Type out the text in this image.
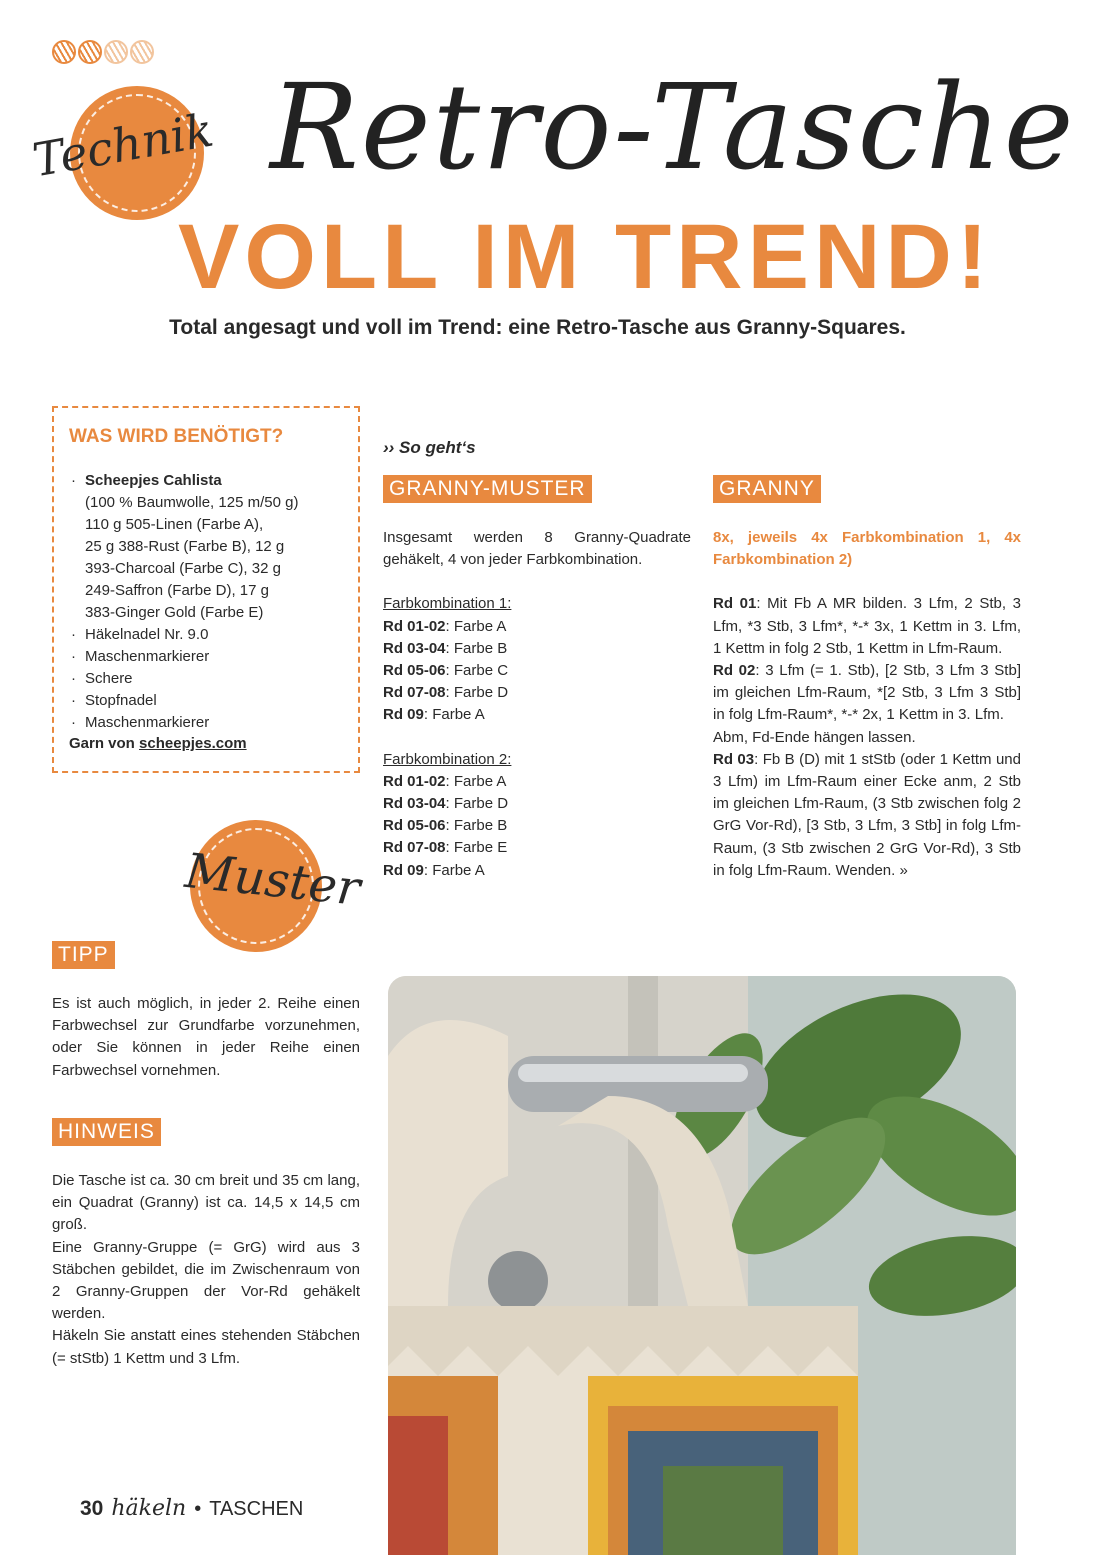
Technik Retro-Tasche
VOLL IM TREND!
Total angesagt und voll im Trend: eine Retro-Tasche aus Granny-Squares.
WAS WIRD BENÖTIGT?
· Scheepjes Cahlista
(100 % Baumwolle, 125 m/50 g)
110 g 505-Linen (Farbe A),
25 g 388-Rust (Farbe B), 12 g
393-Charcoal (Farbe C), 32 g
249-Saffron (Farbe D), 17 g
383-Ginger Gold (Farbe E)
· Häkelnadel Nr. 9.0
· Maschenmarkierer
· Schere
· Stopfnadel
· Maschenmarkierer
Garn von scheepjes.com
›› So geht‘s
GRANNY-MUSTER
Insgesamt werden 8 Granny-Quadrate gehäkelt, 4 von jeder Farbkombination.
Farbkombination 1:
Rd 01-02: Farbe A
Rd 03-04: Farbe B
Rd 05-06: Farbe C
Rd 07-08: Farbe D
Rd 09: Farbe A
Farbkombination 2:
Rd 01-02: Farbe A
Rd 03-04: Farbe D
Rd 05-06: Farbe B
Rd 07-08: Farbe E
Rd 09: Farbe A
GRANNY
8x, jeweils 4x Farbkombination 1, 4x Farbkombination 2)
Rd 01: Mit Fb A MR bilden. 3 Lfm, 2 Stb, 3 Lfm, *3 Stb, 3 Lfm*, *-* 3x, 1 Kettm in 3. Lfm, 1 Kettm in folg 2 Stb, 1 Kettm in Lfm-Raum.
Rd 02: 3 Lfm (= 1. Stb), [2 Stb, 3 Lfm 3 Stb] im gleichen Lfm-Raum, *[2 Stb, 3 Lfm 3 Stb] in folg Lfm-Raum*, *-* 2x, 1 Kettm in 3. Lfm.
Abm, Fd-Ende hängen lassen.
Rd 03: Fb B (D) mit 1 stStb (oder 1 Kettm und 3 Lfm) im Lfm-Raum einer Ecke anm, 2 Stb im gleichen Lfm-Raum, (3 Stb zwischen folg 2 GrG Vor-Rd), [3 Stb, 3 Lfm, 3 Stb] in folg Lfm-Raum, (3 Stb zwischen 2 GrG Vor-Rd), 3 Stb in folg Lfm-Raum. Wenden. »
Muster
TIPP
Es ist auch möglich, in jeder 2. Reihe einen Farbwechsel zur Grundfarbe vorzunehmen, oder Sie können in jeder Reihe einen Farbwechsel vornehmen.
HINWEIS
Die Tasche ist ca. 30 cm breit und 35 cm lang, ein Quadrat (Granny) ist ca. 14,5 x 14,5 cm groß.
Eine Granny-Gruppe (= GrG) wird aus 3 Stäbchen gebildet, die im Zwischenraum von 2 Granny-Gruppen der Vor-Rd gehäkelt werden.
Häkeln Sie anstatt eines stehenden Stäbchen (= stStb) 1 Kettm und 3 Lfm.
30 häkeln • TASCHEN
